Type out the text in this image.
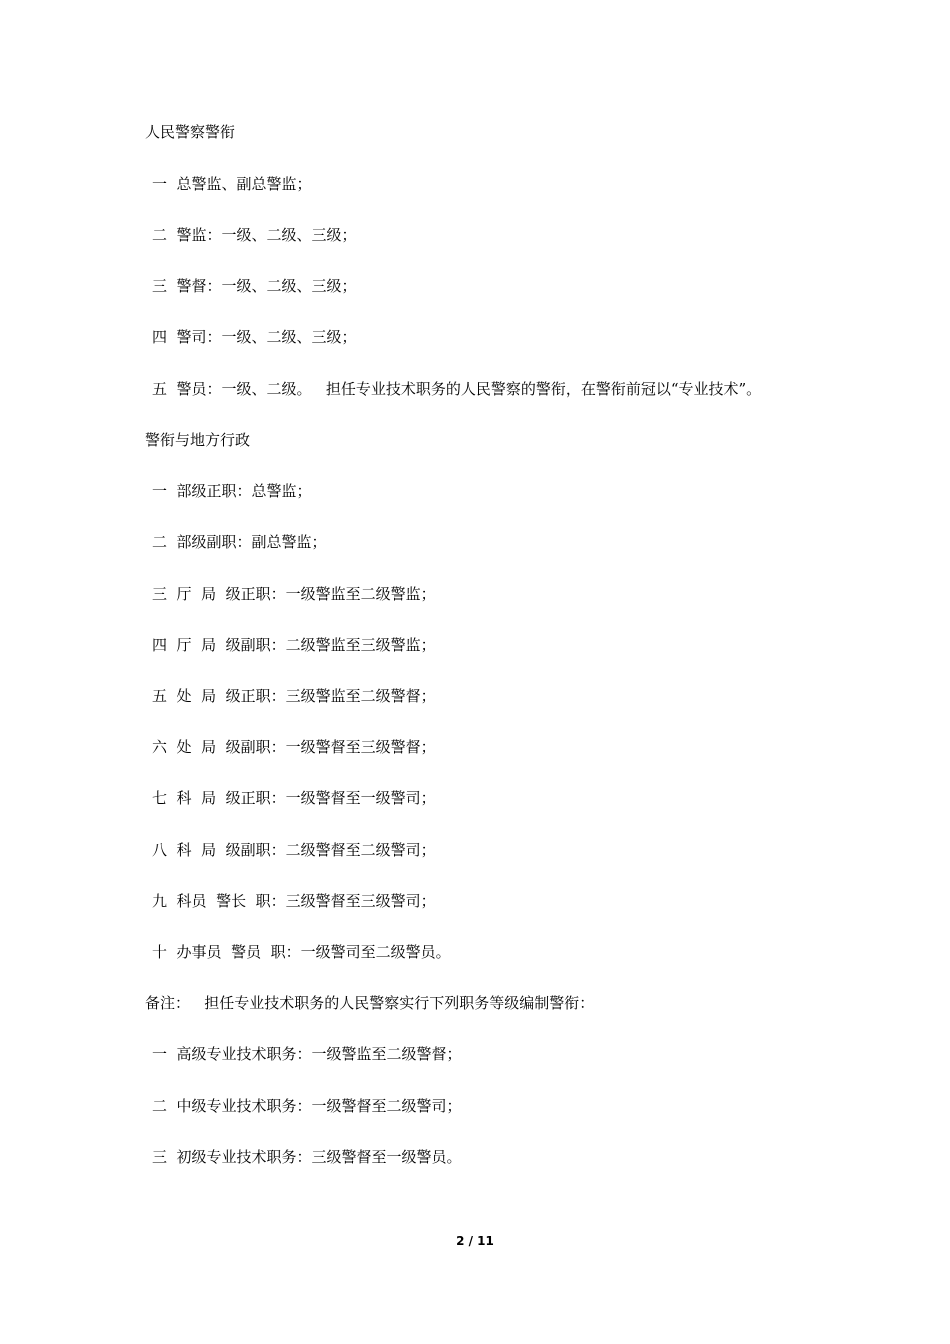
人民警察警衔
一  总警监、副总警监；
二  警监：一级、二级、三级；
三  警督：一级、二级、三级；
四  警司：一级、二级、三级；
五  警员：一级、二级。   担任专业技术职务的人民警察的警衔，在警衔前冠以“专业技术”。
警衔与地方行政
一  部级正职：总警监；
二  部级副职：副总警监；
三  厅  局  级正职：一级警监至二级警监；
四  厅  局  级副职：二级警监至三级警监；
五  处  局  级正职：三级警监至二级警督；
六  处  局  级副职：一级警督至三级警督；
七  科  局  级正职：一级警督至一级警司；
八  科  局  级副职：二级警督至二级警司；
九  科员  警长  职：三级警督至三级警司；
十  办事员  警员  职：一级警司至二级警员。
备注：   担任专业技术职务的人民警察实行下列职务等级编制警衔：
一  高级专业技术职务：一级警监至二级警督；
二  中级专业技术职务：一级警督至二级警司；
三  初级专业技术职务：三级警督至一级警员。
2 / 11
